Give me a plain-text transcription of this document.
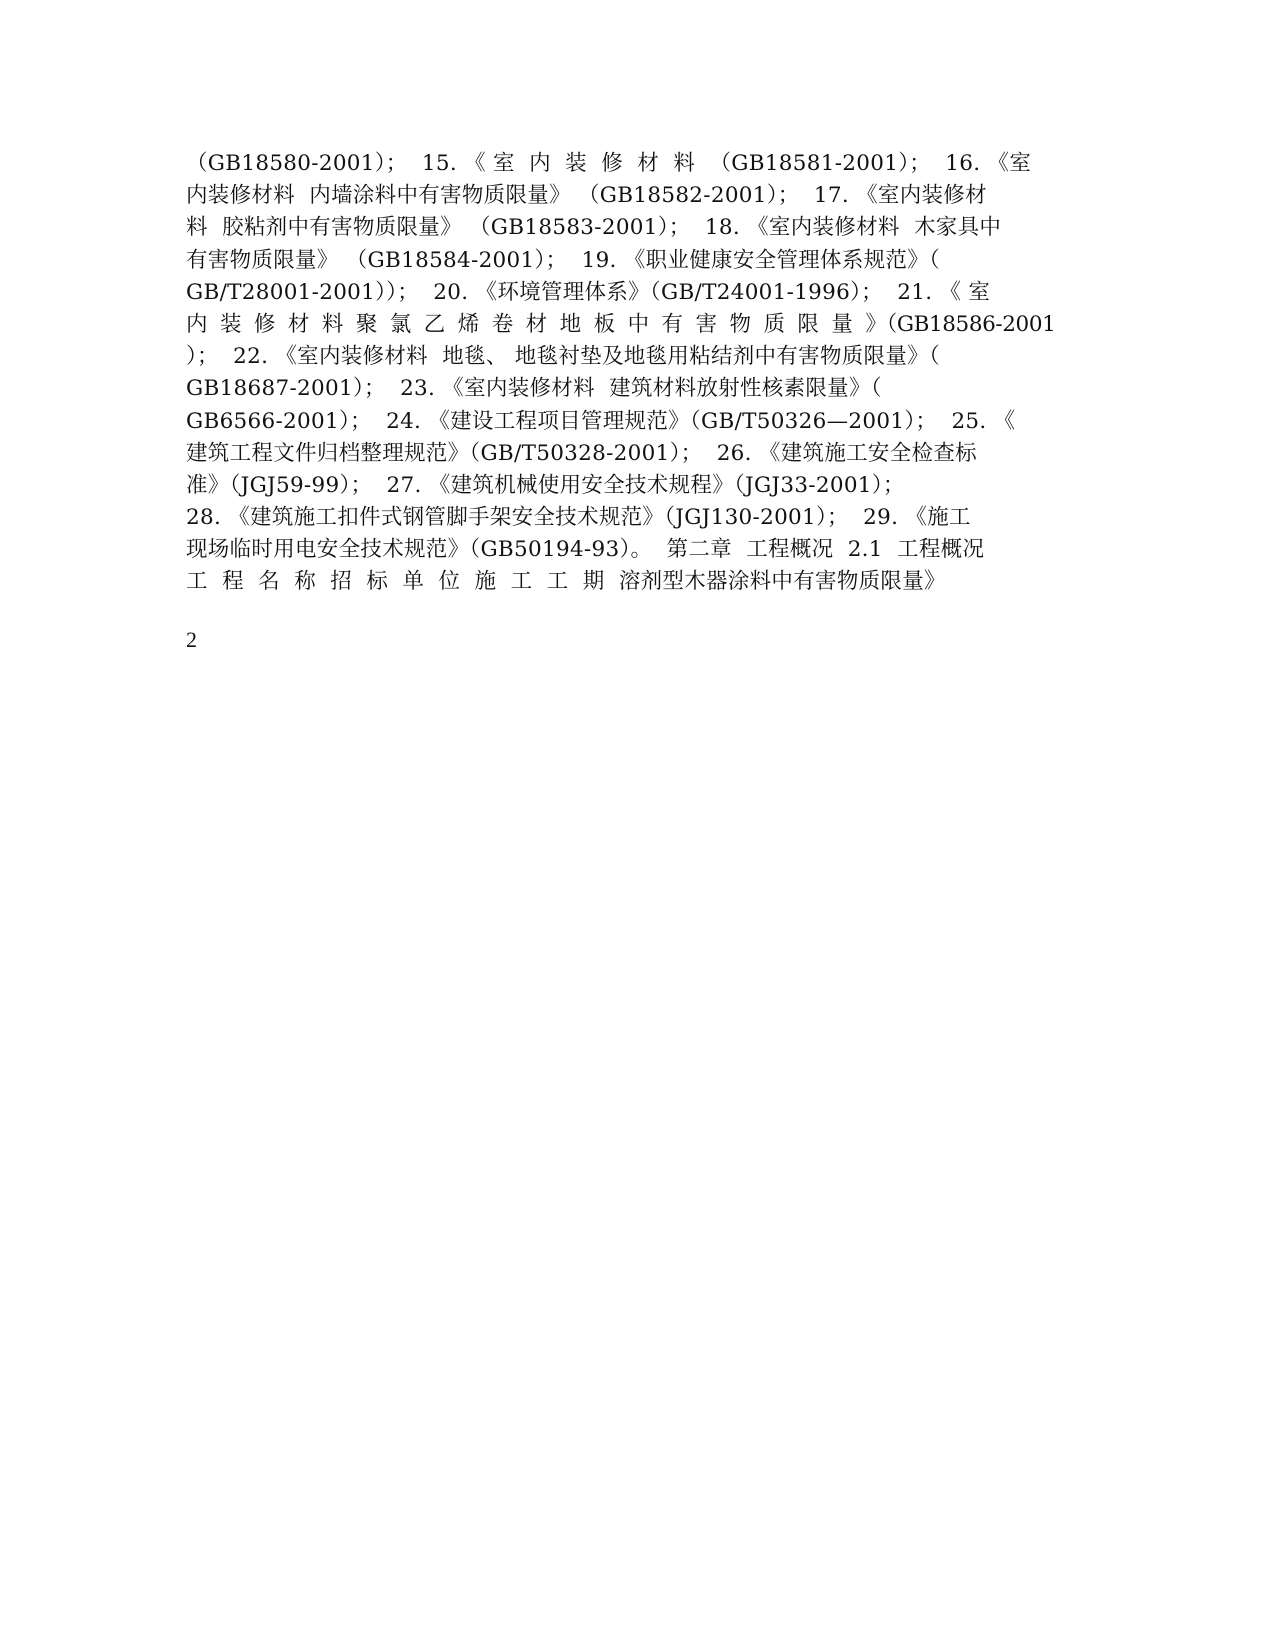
（GB18580-2001）；  15. 《 室  内  装  修  材  料  （GB18581-2001）；  16. 《室
内装修材料  内墙涂料中有害物质限量》 （GB18582-2001）；  17. 《室内装修材
料  胶粘剂中有害物质限量》 （GB18583-2001）；  18. 《室内装修材料  木家具中
有害物质限量》 （GB18584-2001）；  19. 《职业健康安全管理体系规范》（
GB/T28001-2001））；  20. 《环境管理体系》（GB/T24001-1996）；  21. 《 室
内  装  修  材  料  聚  氯  乙  烯  卷  材  地  板  中  有  害  物  质  限  量  》（GB18586-2001
）；  22. 《室内装修材料  地毯、 地毯衬垫及地毯用粘结剂中有害物质限量》（
GB18687-2001）；  23. 《室内装修材料  建筑材料放射性核素限量》（
GB6566-2001）；  24. 《建设工程项目管理规范》（GB/T50326—2001）；  25. 《
建筑工程文件归档整理规范》（GB/T50328-2001）；  26. 《建筑施工安全检查标
准》（JGJ59-99）；  27. 《建筑机械使用安全技术规程》（JGJ33-2001）；
28. 《建筑施工扣件式钢管脚手架安全技术规范》（JGJ130-2001）；  29. 《施工
现场临时用电安全技术规范》（GB50194-93）。  第二章  工程概况  2.1  工程概况
工  程  名  称  招  标  单  位  施  工  工  期  溶剂型木器涂料中有害物质限量》
2
